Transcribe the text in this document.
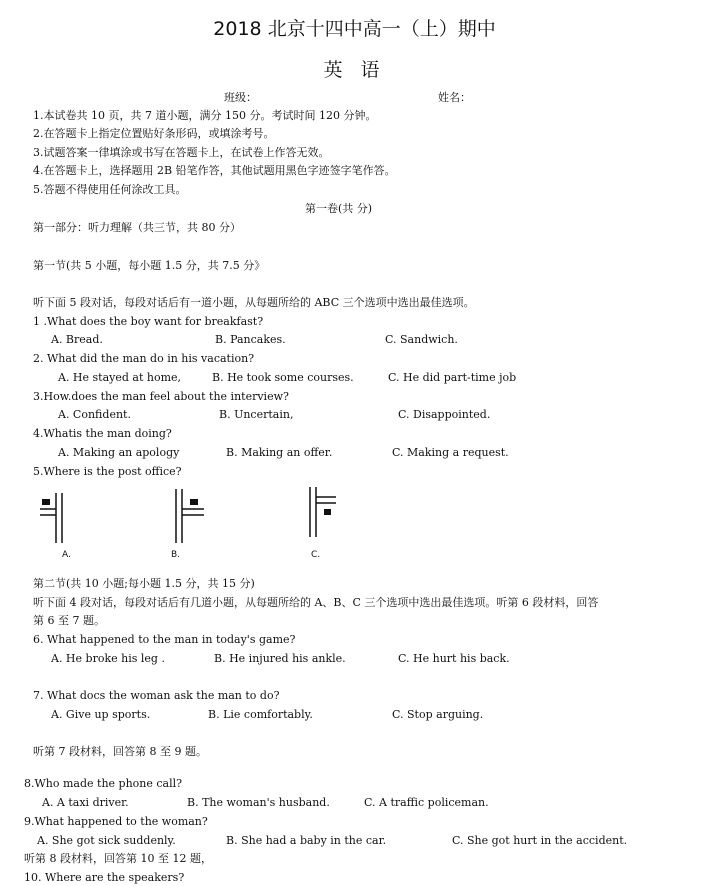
2018 北京十四中高一（上）期中
英 语
班级：	姓名：
1.本试卷共 10 页，共 7 道小题，满分 150 分。考试时间 120 分钟。
2.在答题卡上指定位置贴好条形码，或填涂考号。
3.试题答案一律填涂或书写在答题卡上，在试卷上作答无效。
4.在答题卡上，选择题用 2B 铅笔作答，其他试题用黑色字迹签字笔作答。
5.答题不得使用任何涂改工具。
第一卷(共 分)
第一部分：听力理解（共三节，共 80 分）
第一节(共 5 小题，每小题 1.5 分，共 7.5 分》
听下面 5 段对话，每段对话后有一道小题，从每题所给的 ABC 三个选项中选出最佳选项。
1 .What does the boy want for breakfast?
A. Bread.	B. Pancakes.	C. Sandwich.
2. What did the man do in his vacation?
A. He stayed at home,	B. He took some courses.	C. He did part-time job
3.How.does the man feel about the interview?
A. Confident.	B. Uncertain,	C. Disappointed.
4.Whatis the man doing?
A. Making an apology	B. Making an offer.	C. Making a request.
5.Where is the post office?
A.	B.	C.
第二节(共 10 小题;每小题 1.5 分，共 15 分)
听下面 4 段对话，每段对话后有几道小题，从每题所给的 A、B、C 三个选项中选出最佳选项。听第 6 段材料，回答
第 6 至 7 题。
6. What happened to the man in today's game?
A. He broke his leg .	B. He injured his ankle.	C. He hurt his back.
7. What docs the woman ask the man to do?
A. Give up sports.	B. Lie comfortably.	C. Stop arguing.
听第 7 段材料，回答第 8 至 9 题。
8.Who made the phone call?
A. A taxi driver.	B. The woman's husband.	C. A traffic policeman.
9.What happened to the woman?
A. She got sick suddenly.	B. She had a baby in the car.	C. She got hurt in the accident.
听第 8 段材料，回答第 10 至 12 题，
10. Where are the speakers?
